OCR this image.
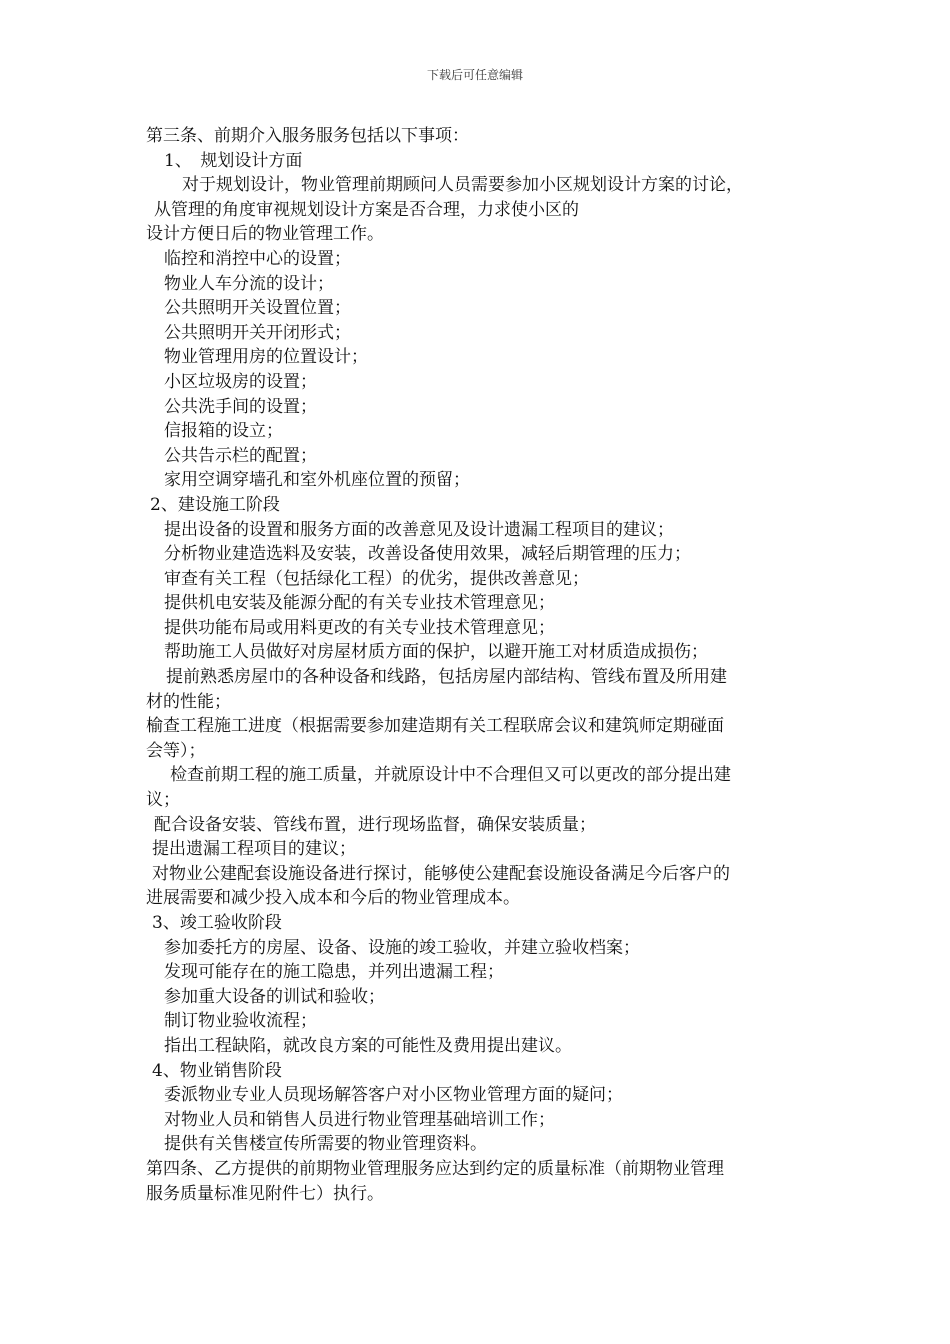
下载后可任意编辑
第三条、前期介入服务服务包括以下事项：
1、　规划设计方面
对于规划设计，物业管理前期顾问人员需要参加小区规划设计方案的讨论，
从管理的角度审视规划设计方案是否合理，力求使小区的
设计方便日后的物业管理工作。
临控和消控中心的设置；
物业人车分流的设计；
公共照明开关设置位置；
公共照明开关开闭形式；
物业管理用房的位置设计；
小区垃圾房的设置；
公共洗手间的设置；
信报箱的设立；
公共告示栏的配置；
家用空调穿墙孔和室外机座位置的预留；
2、建设施工阶段
提出设备的设置和服务方面的改善意见及设计遗漏工程项目的建议；
分析物业建造选料及安装，改善设备使用效果，减轻后期管理的压力；
审查有关工程（包括绿化工程）的优劣，提供改善意见；
提供机电安装及能源分配的有关专业技术管理意见；
提供功能布局或用料更改的有关专业技术管理意见；
帮助施工人员做好对房屋材质方面的保护，以避开施工对材质造成损伤；
提前熟悉房屋巾的各种设备和线路，包括房屋内部结构、管线布置及所用建
材的性能；
榆查工程施工进度（根据需要参加建造期有关工程联席会议和建筑师定期碰面
会等）；
检查前期工程的施工质量，并就原设计中不合理但又可以更改的部分提出建
议；
配合设备安装、管线布置，进行现场监督，确保安装质量；
提出遗漏工程项目的建议；
对物业公建配套设施设备进行探讨，能够使公建配套设施设备满足今后客户的
进展需要和减少投入成本和今后的物业管理成本。
3、竣工验收阶段
参加委托方的房屋、设备、设施的竣工验收，并建立验收档案；
发现可能存在的施工隐患，并列出遗漏工程；
参加重大设备的训试和验收；
制订物业验收流程；
指出工程缺陷，就改良方案的可能性及费用提出建议。
4、物业销售阶段
委派物业专业人员现场解答客户对小区物业管理方面的疑问；
对物业人员和销售人员进行物业管理基础培训工作；
提供有关售楼宣传所需要的物业管理资料。
第四条、乙方提供的前期物业管理服务应达到约定的质量标准（前期物业管理
服务质量标准见附件七）执行。
